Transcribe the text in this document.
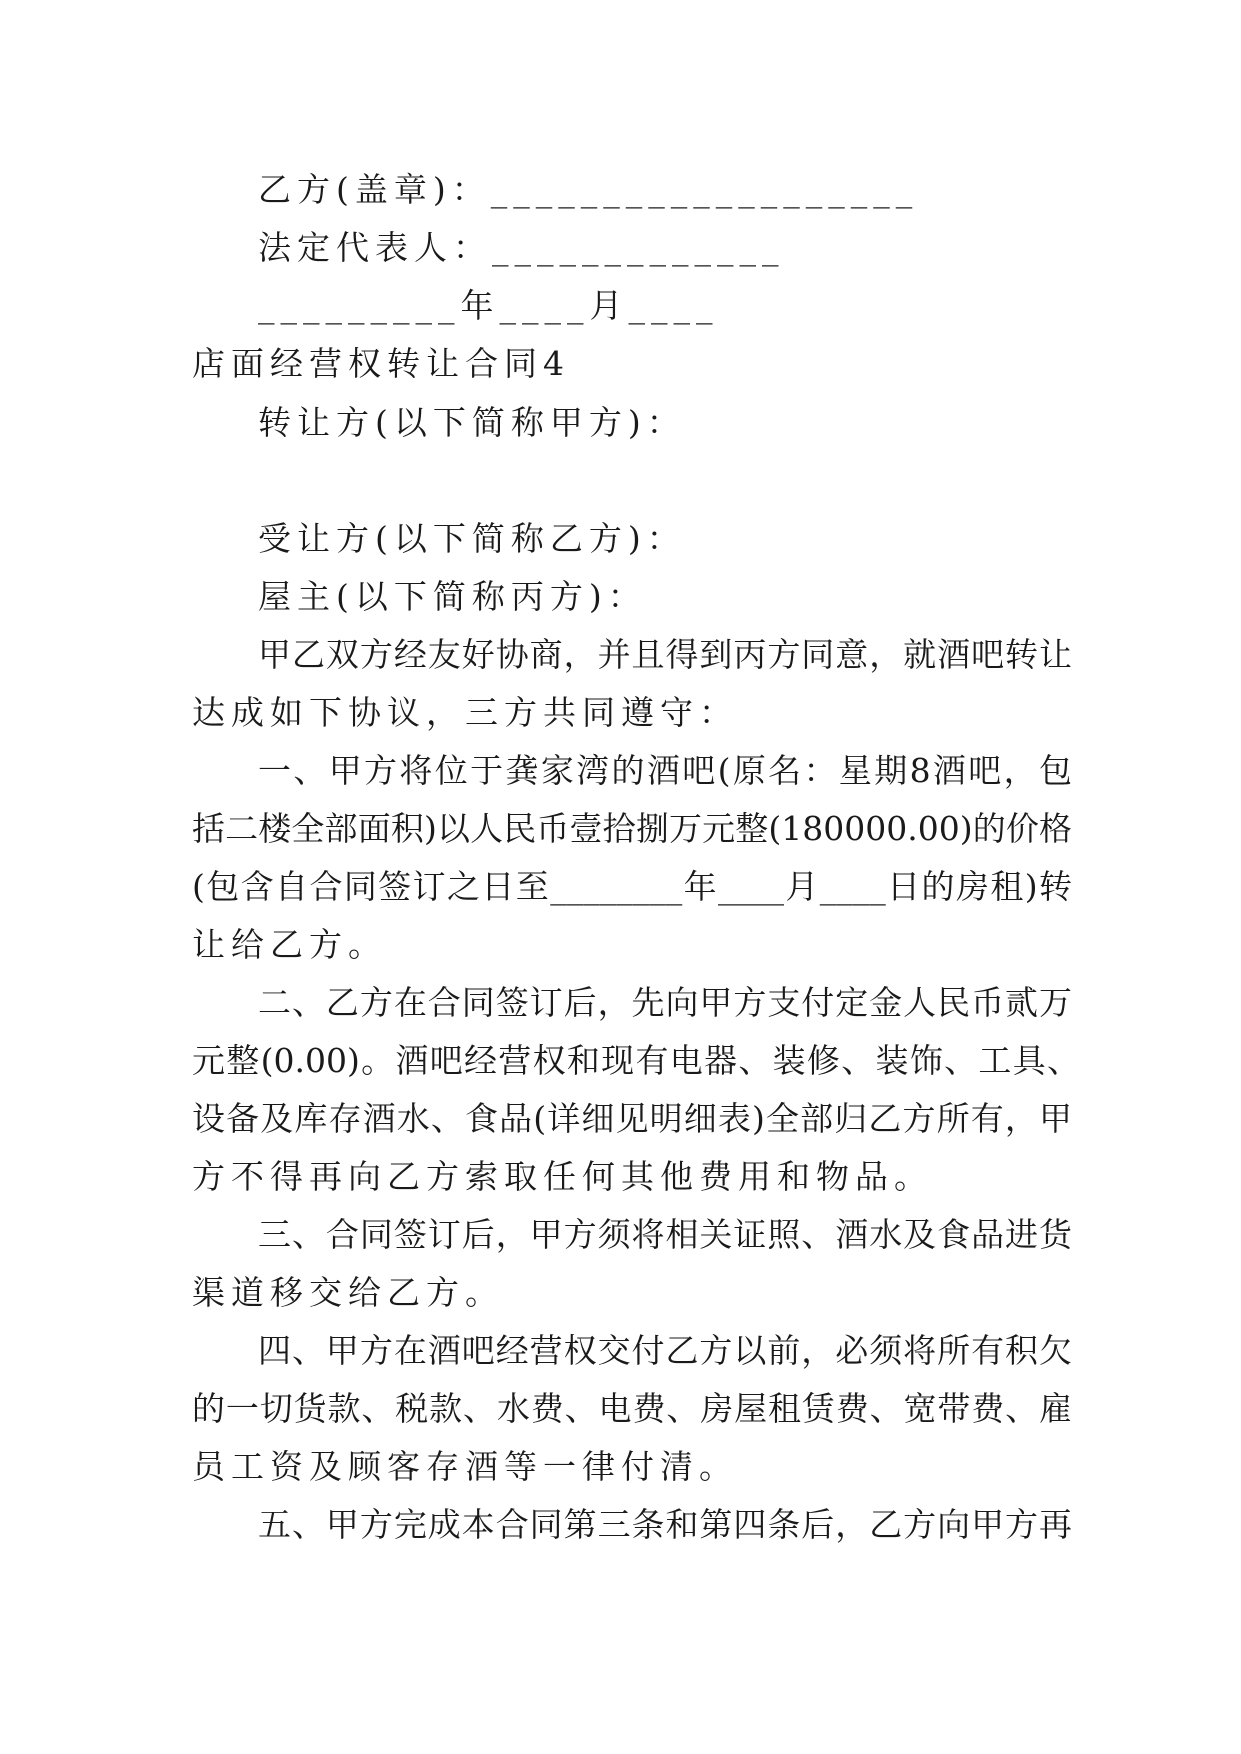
乙方(盖章)：___________________
法定代表人：_____________
_________年____月____
店面经营权转让合同4
转让方(以下简称甲方)：
受让方(以下简称乙方)：
屋主(以下简称丙方)：
甲乙双方经友好协商，并且得到丙方同意，就酒吧转让
达成如下协议，三方共同遵守：
一、甲方将位于龚家湾的酒吧(原名：星期8酒吧，包
括二楼全部面积)以人民币壹拾捌万元整(180000.00)的价格
(包含自合同签订之日至________年____月____日的房租)转
让给乙方。
二、乙方在合同签订后，先向甲方支付定金人民币贰万
元整(0.00)。酒吧经营权和现有电器、装修、装饰、工具、
设备及库存酒水、食品(详细见明细表)全部归乙方所有，甲
方不得再向乙方索取任何其他费用和物品。
三、合同签订后，甲方须将相关证照、酒水及食品进货
渠道移交给乙方。
四、甲方在酒吧经营权交付乙方以前，必须将所有积欠
的一切货款、税款、水费、电费、房屋租赁费、宽带费、雇
员工资及顾客存酒等一律付清。
五、甲方完成本合同第三条和第四条后，乙方向甲方再
